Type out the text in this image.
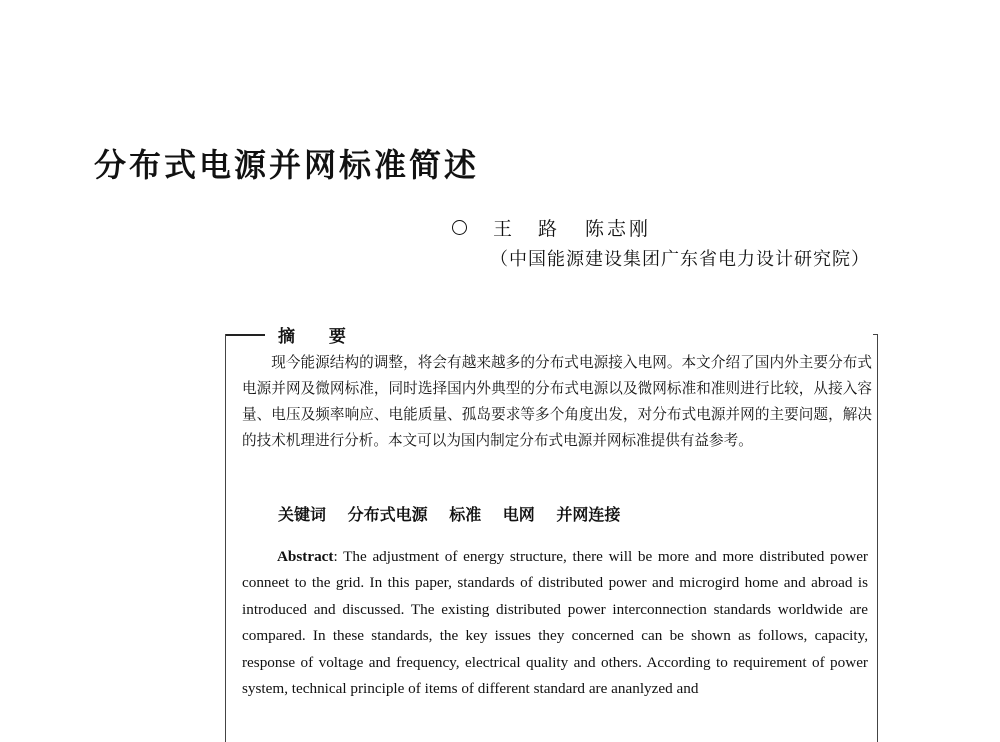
分布式电源并网标准简述
王 路 陈志刚
（中国能源建设集团广东省电力设计研究院）
摘 要

现今能源结构的调整，将会有越来越多的分布式电源接入电网。本文介绍了国内外主要分布式电源并网及微网标准，同时选择国内外典型的分布式电源以及微网标准和准则进行比较，从接入容量、电压及频率响应、电能质量、孤岛要求等多个角度出发，对分布式电源并网的主要问题，解决的技术机理进行分析。本文可以为国内制定分布式电源并网标准提供有益参考。

关键词 分布式电源 标准 电网 并网连接

Abstract: The adjustment of energy structure, there will be more and more distributed power conneet to the grid. In this paper, standards of distributed power and microgird home and abroad is introduced and discussed. The existing distributed power interconnection standards worldwide are compared. In these standards, the key issues they concerned can be shown as follows, capacity, response of voltage and frequency, electrical quality and others. According to requirement of power system, technical principle of items of different standard are ananlyzed and
